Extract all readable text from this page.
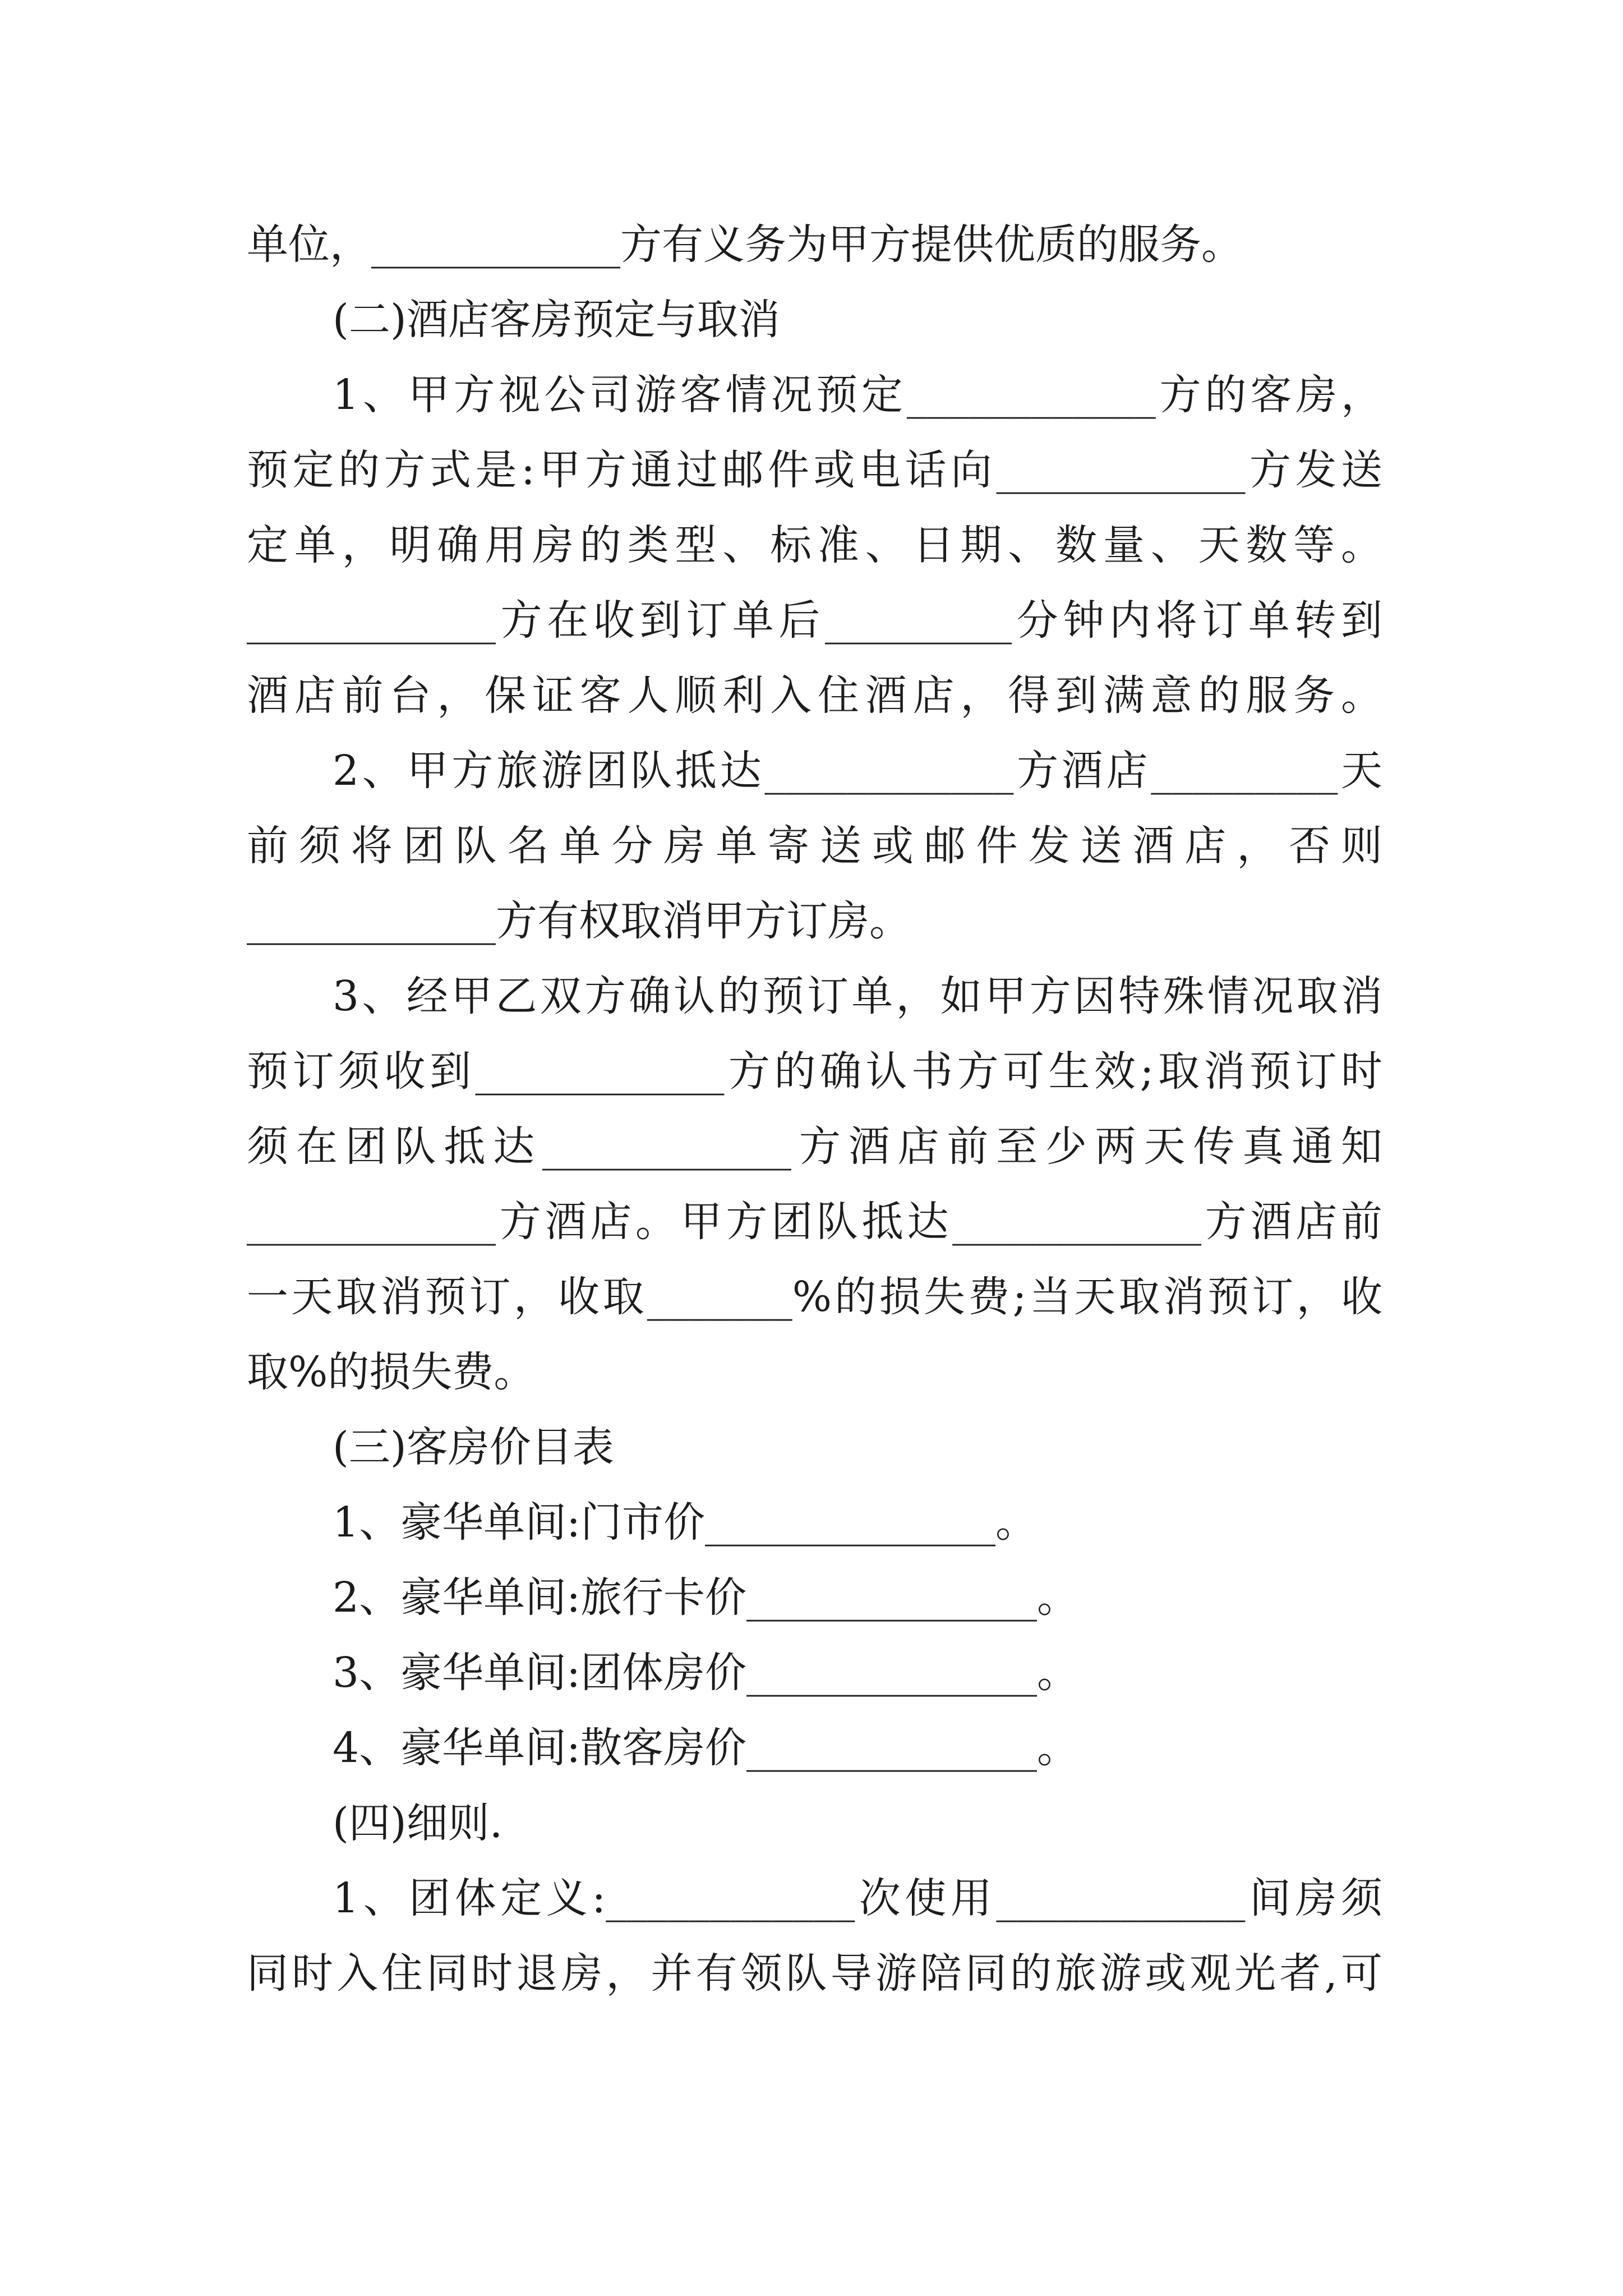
单位，____________方有义务为甲方提供优质的服务。
(二)酒店客房预定与取消
1、甲方视公司游客情况预定____________方的客房，
预定的方式是:甲方通过邮件或电话向____________方发送
定单，明确用房的类型、标准、日期、数量、天数等。
____________方在收到订单后_________分钟内将订单转到
酒店前台，保证客人顺利入住酒店，得到满意的服务。
2、甲方旅游团队抵达____________方酒店_________天
前须将团队名单分房单寄送或邮件发送酒店，否则
____________方有权取消甲方订房。
3、经甲乙双方确认的预订单，如甲方因特殊情况取消
预订须收到____________方的确认书方可生效;取消预订时
须在团队抵达____________方酒店前至少两天传真通知
____________方酒店。甲方团队抵达____________方酒店前
一天取消预订，收取_______%的损失费;当天取消预订，收
取%的损失费。
(三)客房价目表
1、豪华单间:门市价______________。
2、豪华单间:旅行卡价______________。
3、豪华单间:团体房价______________。
4、豪华单间:散客房价______________。
(四)细则.
1、团体定义:____________次使用____________间房须
同时入住同时退房，并有领队导游陪同的旅游或观光者,可
